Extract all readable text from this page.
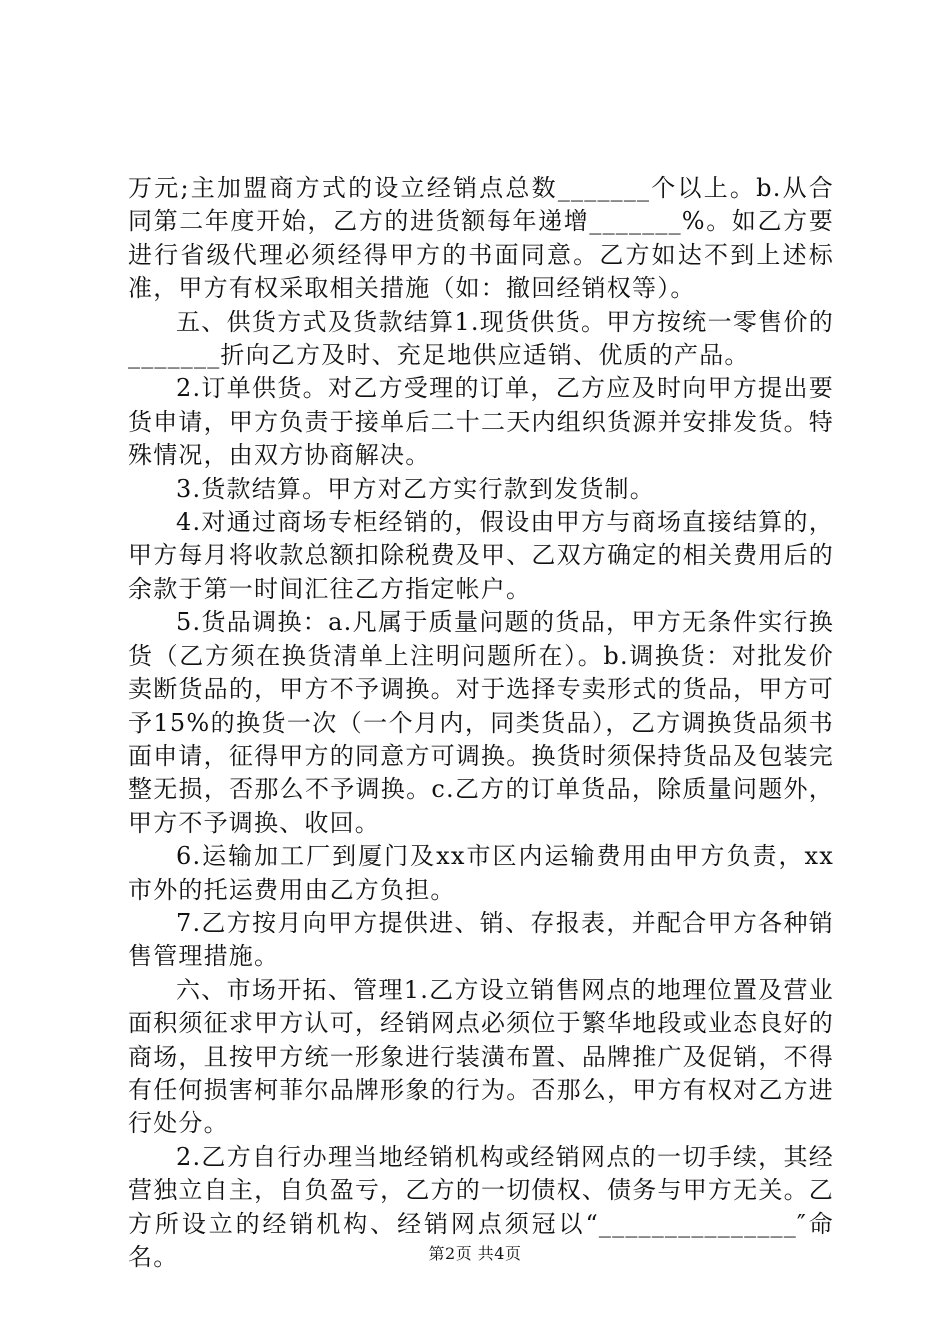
万元;主加盟商方式的设立经销点总数_______个以上。b.从合同第二年度开始，乙方的进货额每年递增_______%。如乙方要进行省级代理必须经得甲方的书面同意。乙方如达不到上述标准，甲方有权采取相关措施（如：撤回经销权等）。

五、供货方式及货款结算1.现货供货。甲方按统一零售价的_______折向乙方及时、充足地供应适销、优质的产品。

2.订单供货。对乙方受理的订单，乙方应及时向甲方提出要货申请，甲方负责于接单后二十二天内组织货源并安排发货。特殊情况，由双方协商解决。

3.货款结算。甲方对乙方实行款到发货制。

4.对通过商场专柜经销的，假设由甲方与商场直接结算的，甲方每月将收款总额扣除税费及甲、乙双方确定的相关费用后的余款于第一时间汇往乙方指定帐户。

5.货品调换：a.凡属于质量问题的货品，甲方无条件实行换货（乙方须在换货清单上注明问题所在）。b.调换货：对批发价卖断货品的，甲方不予调换。对于选择专卖形式的货品，甲方可予15%的换货一次（一个月内，同类货品），乙方调换货品须书面申请，征得甲方的同意方可调换。换货时须保持货品及包装完整无损，否那么不予调换。c.乙方的订单货品，除质量问题外，甲方不予调换、收回。

6.运输加工厂到厦门及xx市区内运输费用由甲方负责，xx市外的托运费用由乙方负担。

7.乙方按月向甲方提供进、销、存报表，并配合甲方各种销售管理措施。

六、市场开拓、管理1.乙方设立销售网点的地理位置及营业面积须征求甲方认可，经销网点必须位于繁华地段或业态良好的商场，且按甲方统一形象进行装潢布置、品牌推广及促销，不得有任何损害柯菲尔品牌形象的行为。否那么，甲方有权对乙方进行处分。

2.乙方自行办理当地经销机构或经销网点的一切手续，其经营独立自主，自负盈亏，乙方的一切债权、债务与甲方无关。乙方所设立的经销机构、经销网点须冠以“_______________″命名。	第2页 共4页
